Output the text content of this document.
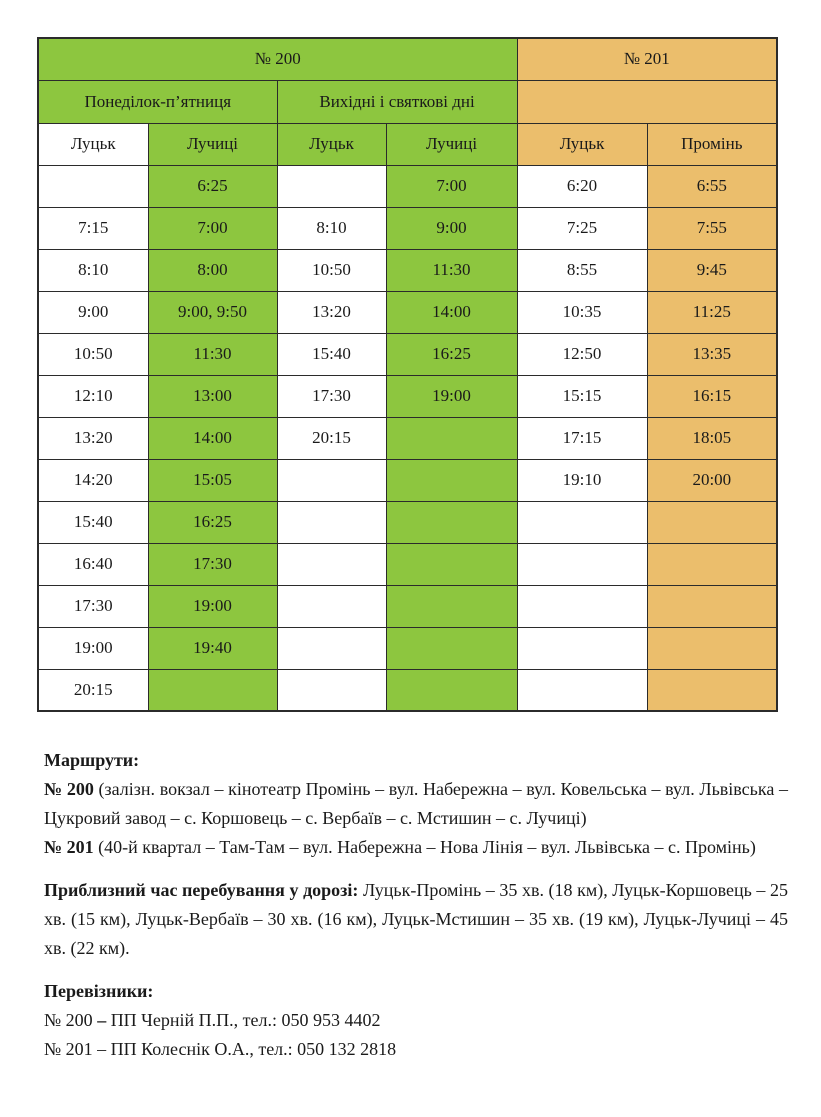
№ 200				№ 201	
Понеділок-п’ятниця		Вихідні і святкові дні			
Луцьк	Лучиці	Луцьк	Лучиці	Луцьк	Промінь
	6:25		7:00	6:20	6:55
7:15	7:00	8:10	9:00	7:25	7:55
8:10	8:00	10:50	11:30	8:55	9:45
9:00	9:00, 9:50	13:20	14:00	10:35	11:25
10:50	11:30	15:40	16:25	12:50	13:35
12:10	13:00	17:30	19:00	15:15	16:15
13:20	14:00	20:15		17:15	18:05
14:20	15:05			19:10	20:00
15:40	16:25				
16:40	17:30				
17:30	19:00				
19:00	19:40				
20:15					

Маршрути:

№ 200 (залізн. вокзал – кінотеатр Промінь – вул. Набережна – вул. Ковельська – вул. Львівська – Цукровий завод – с. Коршовець – с. Вербаїв – с. Мстишин – с. Лучиці)

№ 201 (40-й квартал – Там-Там – вул. Набережна – Нова Лінія – вул. Львівська – с. Промінь)

Приблизний час перебування у дорозі: Луцьк-Промінь – 35 хв. (18 км), Луцьк-Коршовець – 25 хв. (15 км), Луцьк-Вербаїв – 30 хв. (16 км), Луцьк-Мстишин – 35 хв. (19 км), Луцьк-Лучиці – 45 хв. (22 км).

Перевізники:

№ 200 – ПП Черній П.П., тел.: 050 953 4402

№ 201 – ПП Колеснік О.А., тел.: 050 132 2818
